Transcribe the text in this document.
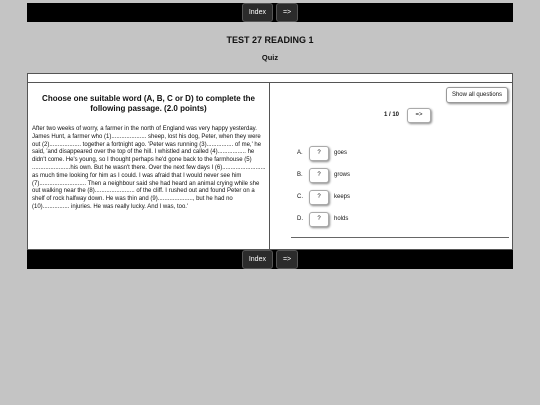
Index	=>
TEST 27 READING 1
Quiz
Choose one suitable word (A, B, C or D) to complete the following passage. (2.0 points)
After two weeks of worry, a farmer in the north of England was very happy yesterday. James Hunt, a farmer who (1)..................... sheep, lost his dog, Peter, when they were out (2)................... together a fortnight ago. 'Peter was running (3)................ of me,' he said, 'and disappeared over the top of the hill. I whistled and called (4)................. he didn't come. He's young, so I thought perhaps he'd gone back to the farmhouse (5) .......................his own. But he wasn't there. Over the next few days I (6).......................... as much time looking for him as I could. I was afraid that I would never see him (7)............................ Then a neighbour said she had heard an animal crying while she out walking near the (8)........................ of the cliff. I rushed out and found Peter on a shelf of rock halfway down. He was thin and (9)....................., but he had no (10)................ injuries. He was really lucky. And I was, too.'
Show all questions
1 / 10	=>
A.	?	goes
B.	?	grows
C.	?	keeps
D.	?	holds
Index	=>
